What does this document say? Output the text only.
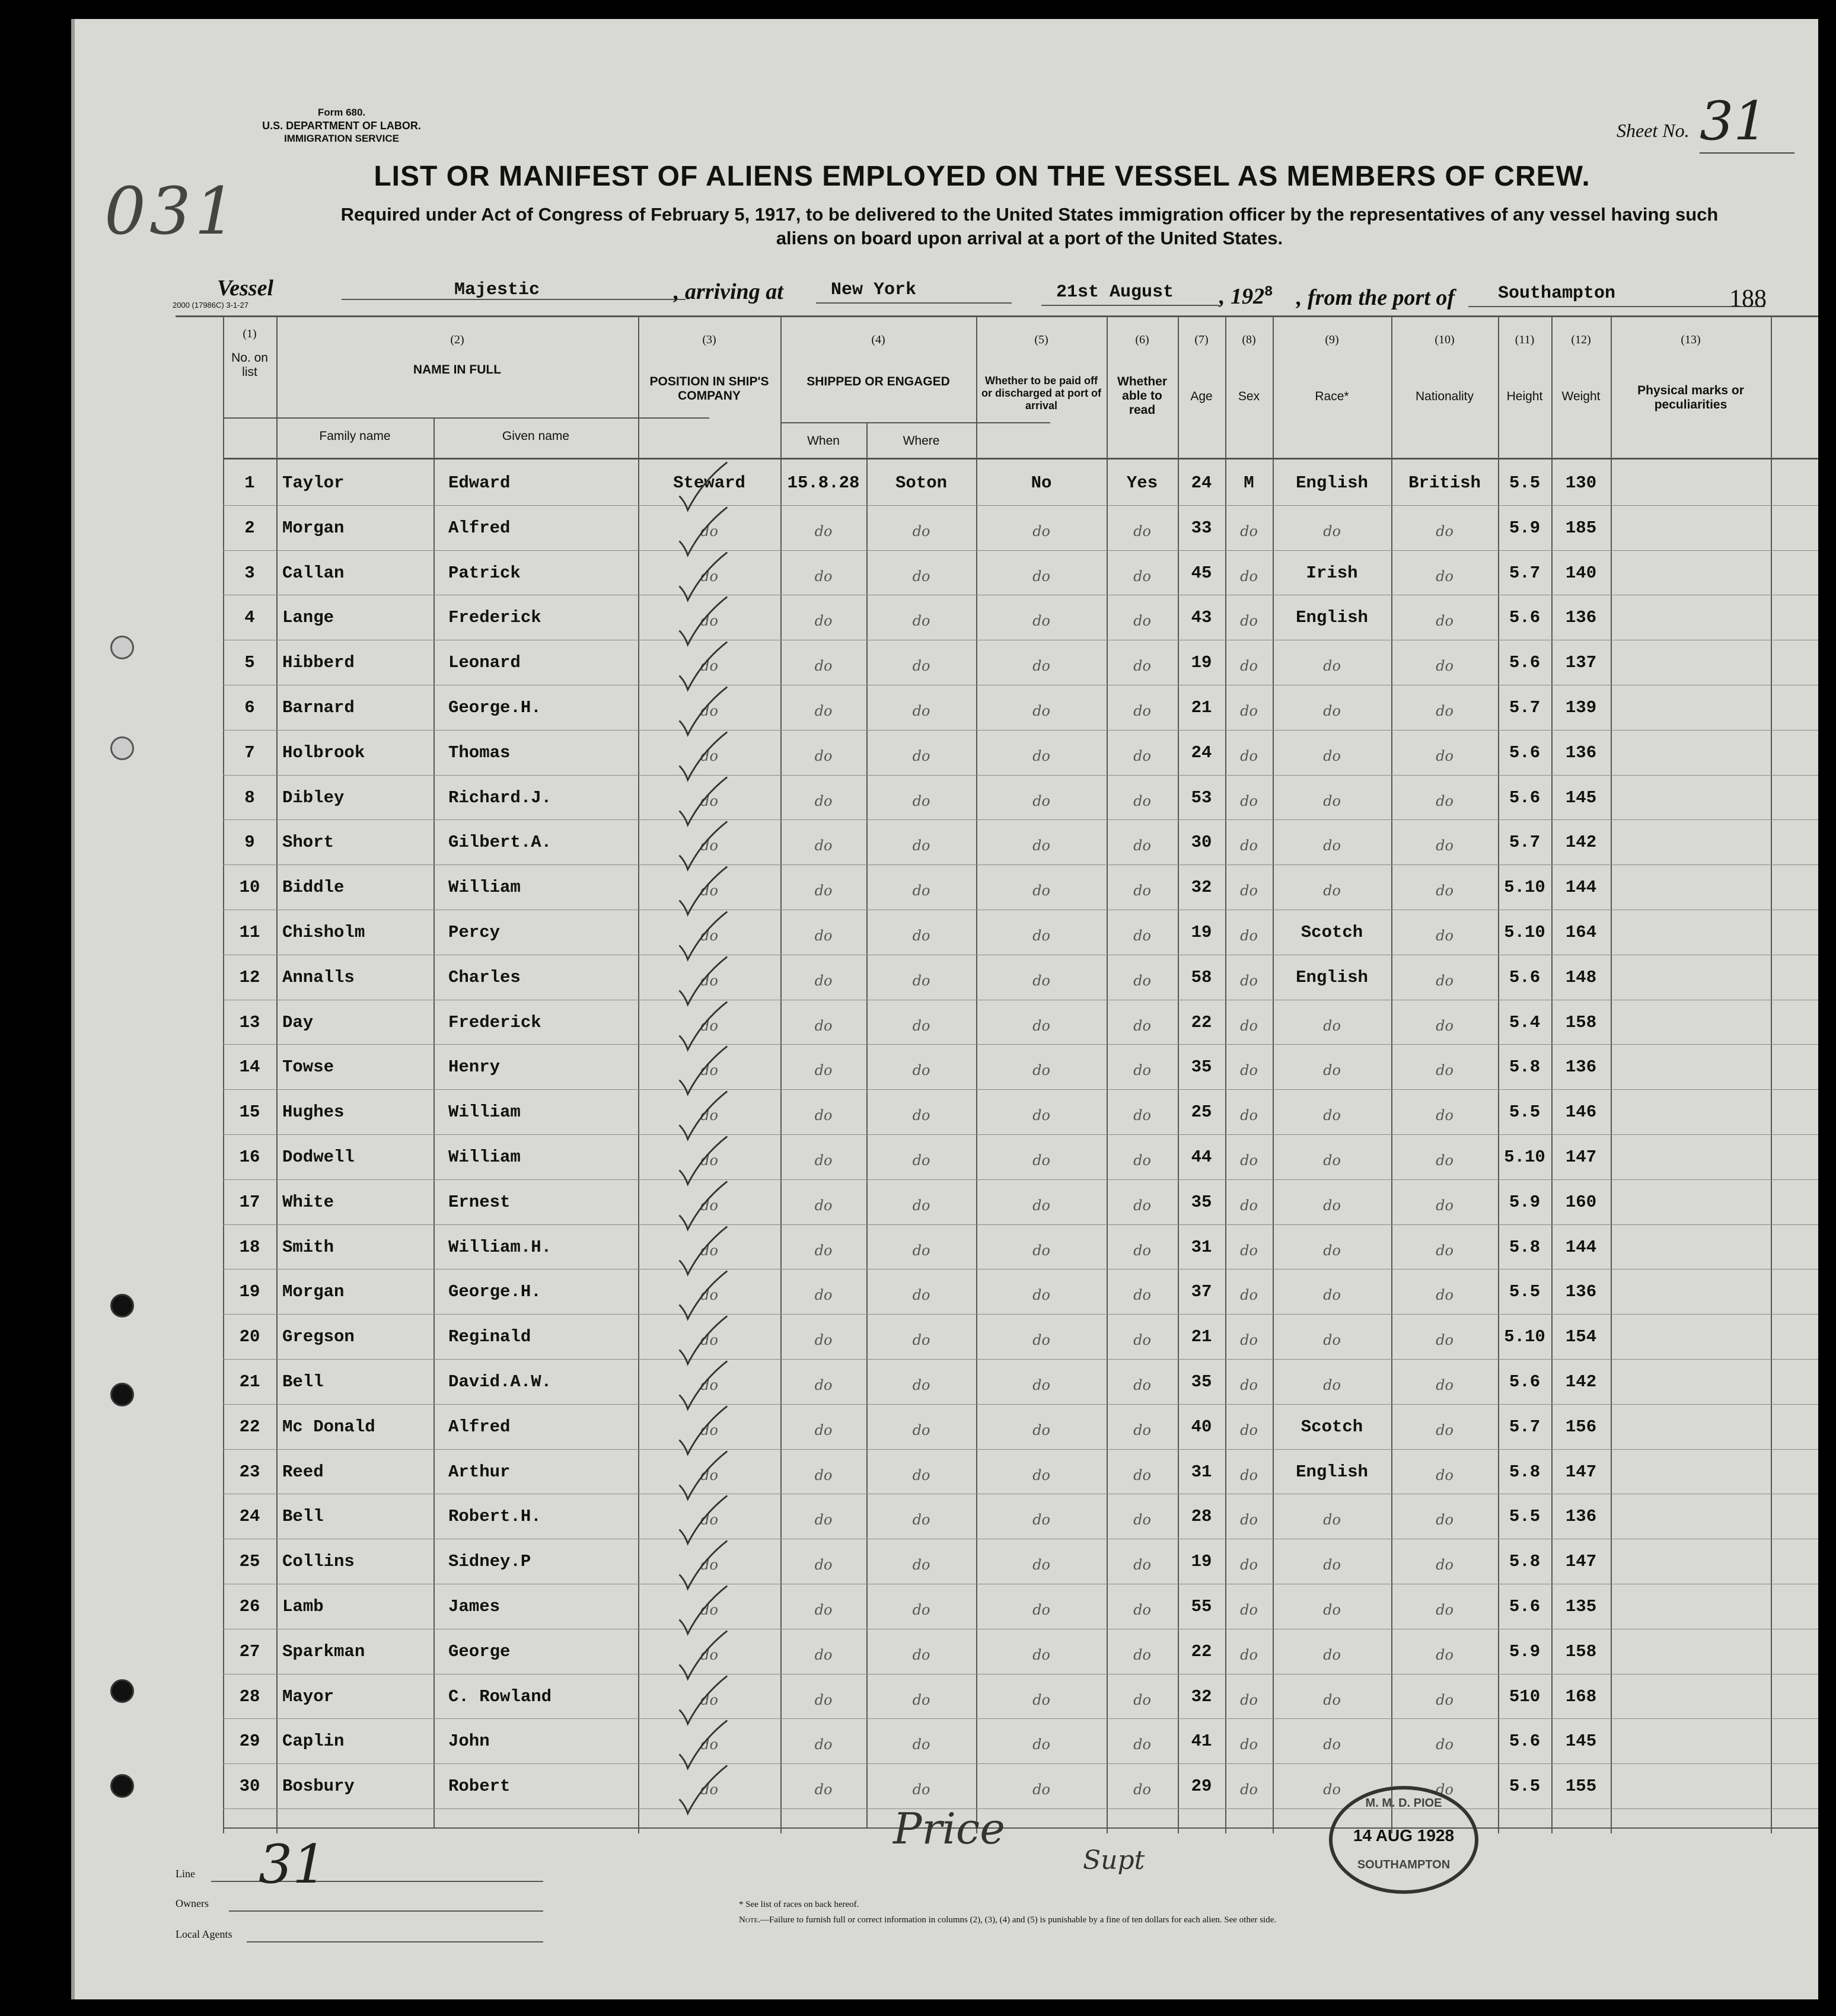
Form 680.
U.S. DEPARTMENT OF LABOR.
IMMIGRATION SERVICE
031
Sheet No. 31
LIST OR MANIFEST OF ALIENS EMPLOYED ON THE VESSEL AS MEMBERS OF CREW.
Required under Act of Congress of February 5, 1917, to be delivered to the United States immigration officer by the representatives of any vessel having such
aliens on board upon arrival at a port of the United States.
Vessel
2000 (17986C) 3-1-27
Majestic	, arriving at	New York	21st August , $192^8$ , from the port of Southampton	188
(1)
No. on list
(2)
NAME IN FULL
Family name	Given name
(3)
POSITION IN SHIP'S COMPANY
(4)
SHIPPED OR ENGAGED
When	Where
(5)
Whether to be paid off or discharged at port of arrival
(6)
Whether able to read
(7)
Age
(8)
Sex
(9)
Race*
(10)
Nationality
(11)
Height
(12)
Weight
(13)
Physical marks or peculiarities
1	Taylor	Edward	Steward	15.8.28	Soton	No	Yes	24	M	English	British	5.5	130
2	Morgan	Alfred	do	do	do	do	do	33	do	do	do	5.9	185
3	Callan	Patrick	do	do	do	do	do	45	do	Irish	do	5.7	140
4	Lange	Frederick	do	do	do	do	do	43	do	English	do	5.6	136
5	Hibberd	Leonard	do	do	do	do	do	19	do	do	do	5.6	137
6	Barnard	George.H.	do	do	do	do	do	21	do	do	do	5.7	139
7	Holbrook	Thomas	do	do	do	do	do	24	do	do	do	5.6	136
8	Dibley	Richard.J.	do	do	do	do	do	53	do	do	do	5.6	145
9	Short	Gilbert.A.	do	do	do	do	do	30	do	do	do	5.7	142
10	Biddle	William	do	do	do	do	do	32	do	do	do	5.10	144
11	Chisholm	Percy	do	do	do	do	do	19	do	Scotch	do	5.10	164
12	Annalls	Charles	do	do	do	do	do	58	do	English	do	5.6	148
13	Day	Frederick	do	do	do	do	do	22	do	do	do	5.4	158
14	Towse	Henry	do	do	do	do	do	35	do	do	do	5.8	136
15	Hughes	William	do	do	do	do	do	25	do	do	do	5.5	146
16	Dodwell	William	do	do	do	do	do	44	do	do	do	5.10	147
17	White	Ernest	do	do	do	do	do	35	do	do	do	5.9	160
18	Smith	William.H.	do	do	do	do	do	31	do	do	do	5.8	144
19	Morgan	George.H.	do	do	do	do	do	37	do	do	do	5.5	136
20	Gregson	Reginald	do	do	do	do	do	21	do	do	do	5.10	154
21	Bell	David.A.W.	do	do	do	do	do	35	do	do	do	5.6	142
22	Mc Donald	Alfred	do	do	do	do	do	40	do	Scotch	do	5.7	156
23	Reed	Arthur	do	do	do	do	do	31	do	English	do	5.8	147
24	Bell	Robert.H.	do	do	do	do	do	28	do	do	do	5.5	136
25	Collins	Sidney.P	do	do	do	do	do	19	do	do	do	5.8	147
26	Lamb	James	do	do	do	do	do	55	do	do	do	5.6	135
27	Sparkman	George	do	do	do	do	do	22	do	do	do	5.9	158
28	Mayor	C. Rowland	do	do	do	do	do	32	do	do	do	510	168
29	Caplin	John	do	do	do	do	do	41	do	do	do	5.6	145
30	Bosbury	Robert	do	do	do	do	do	29	do	do	do	5.5	155
Line 31
Owners
Local Agents
Price
Supt
M. M. D. PIOE
14 AUG 1928
SOUTHAMPTON
* See list of races on back hereof.
Note.—Failure to furnish full or correct information in columns (2), (3), (4) and (5) is punishable by a fine of ten dollars for each alien. See other side.
